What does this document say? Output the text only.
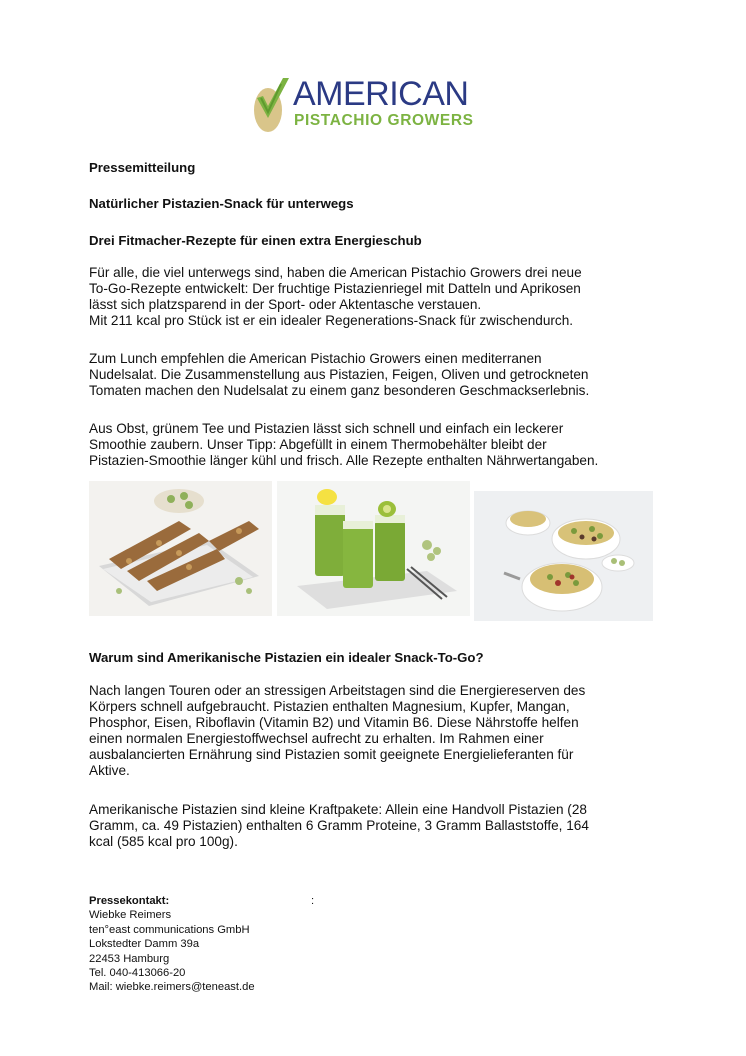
AMERICAN
PISTACHIO GROWERS
Pressemitteilung
Natürlicher Pistazien-Snack für unterwegs
Drei Fitmacher-Rezepte für einen extra Energieschub
Für alle, die viel unterwegs sind, haben die American Pistachio Growers drei neue
To-Go-Rezepte entwickelt: Der fruchtige Pistazienriegel mit Datteln und Aprikosen
lässt sich platzsparend in der Sport- oder Aktentasche verstauen.
Mit 211 kcal pro Stück ist er ein idealer Regenerations-Snack für zwischendurch.
Zum Lunch empfehlen die American Pistachio Growers einen mediterranen
Nudelsalat. Die Zusammenstellung aus Pistazien, Feigen, Oliven und getrockneten
Tomaten machen den Nudelsalat zu einem ganz besonderen Geschmackserlebnis.
Aus Obst, grünem Tee und Pistazien lässt sich schnell und einfach ein leckerer
Smoothie zaubern. Unser Tipp: Abgefüllt in einem Thermobehälter bleibt der
Pistazien-Smoothie länger kühl und frisch. Alle Rezepte enthalten Nährwertangaben.
Warum sind Amerikanische Pistazien ein idealer Snack-To-Go?
Nach langen Touren oder an stressigen Arbeitstagen sind die Energiereserven des
Körpers schnell aufgebraucht. Pistazien enthalten Magnesium, Kupfer, Mangan,
Phosphor, Eisen, Riboflavin (Vitamin B2) und Vitamin B6. Diese Nährstoffe helfen
einen normalen Energiestoffwechsel aufrecht zu erhalten. Im Rahmen einer
ausbalancierten Ernährung sind Pistazien somit geeignete Energielieferanten für
Aktive.
Amerikanische Pistazien sind kleine Kraftpakete: Allein eine Handvoll Pistazien (28
Gramm, ca. 49 Pistazien) enthalten 6 Gramm Proteine, 3 Gramm Ballaststoffe, 164
kcal (585 kcal pro 100g).
Pressekontakt:
Wiebke Reimers
ten°east communications GmbH
Lokstedter Damm 39a
22453 Hamburg
Tel. 040-413066-20
Mail: wiebke.reimers@teneast.de
:
